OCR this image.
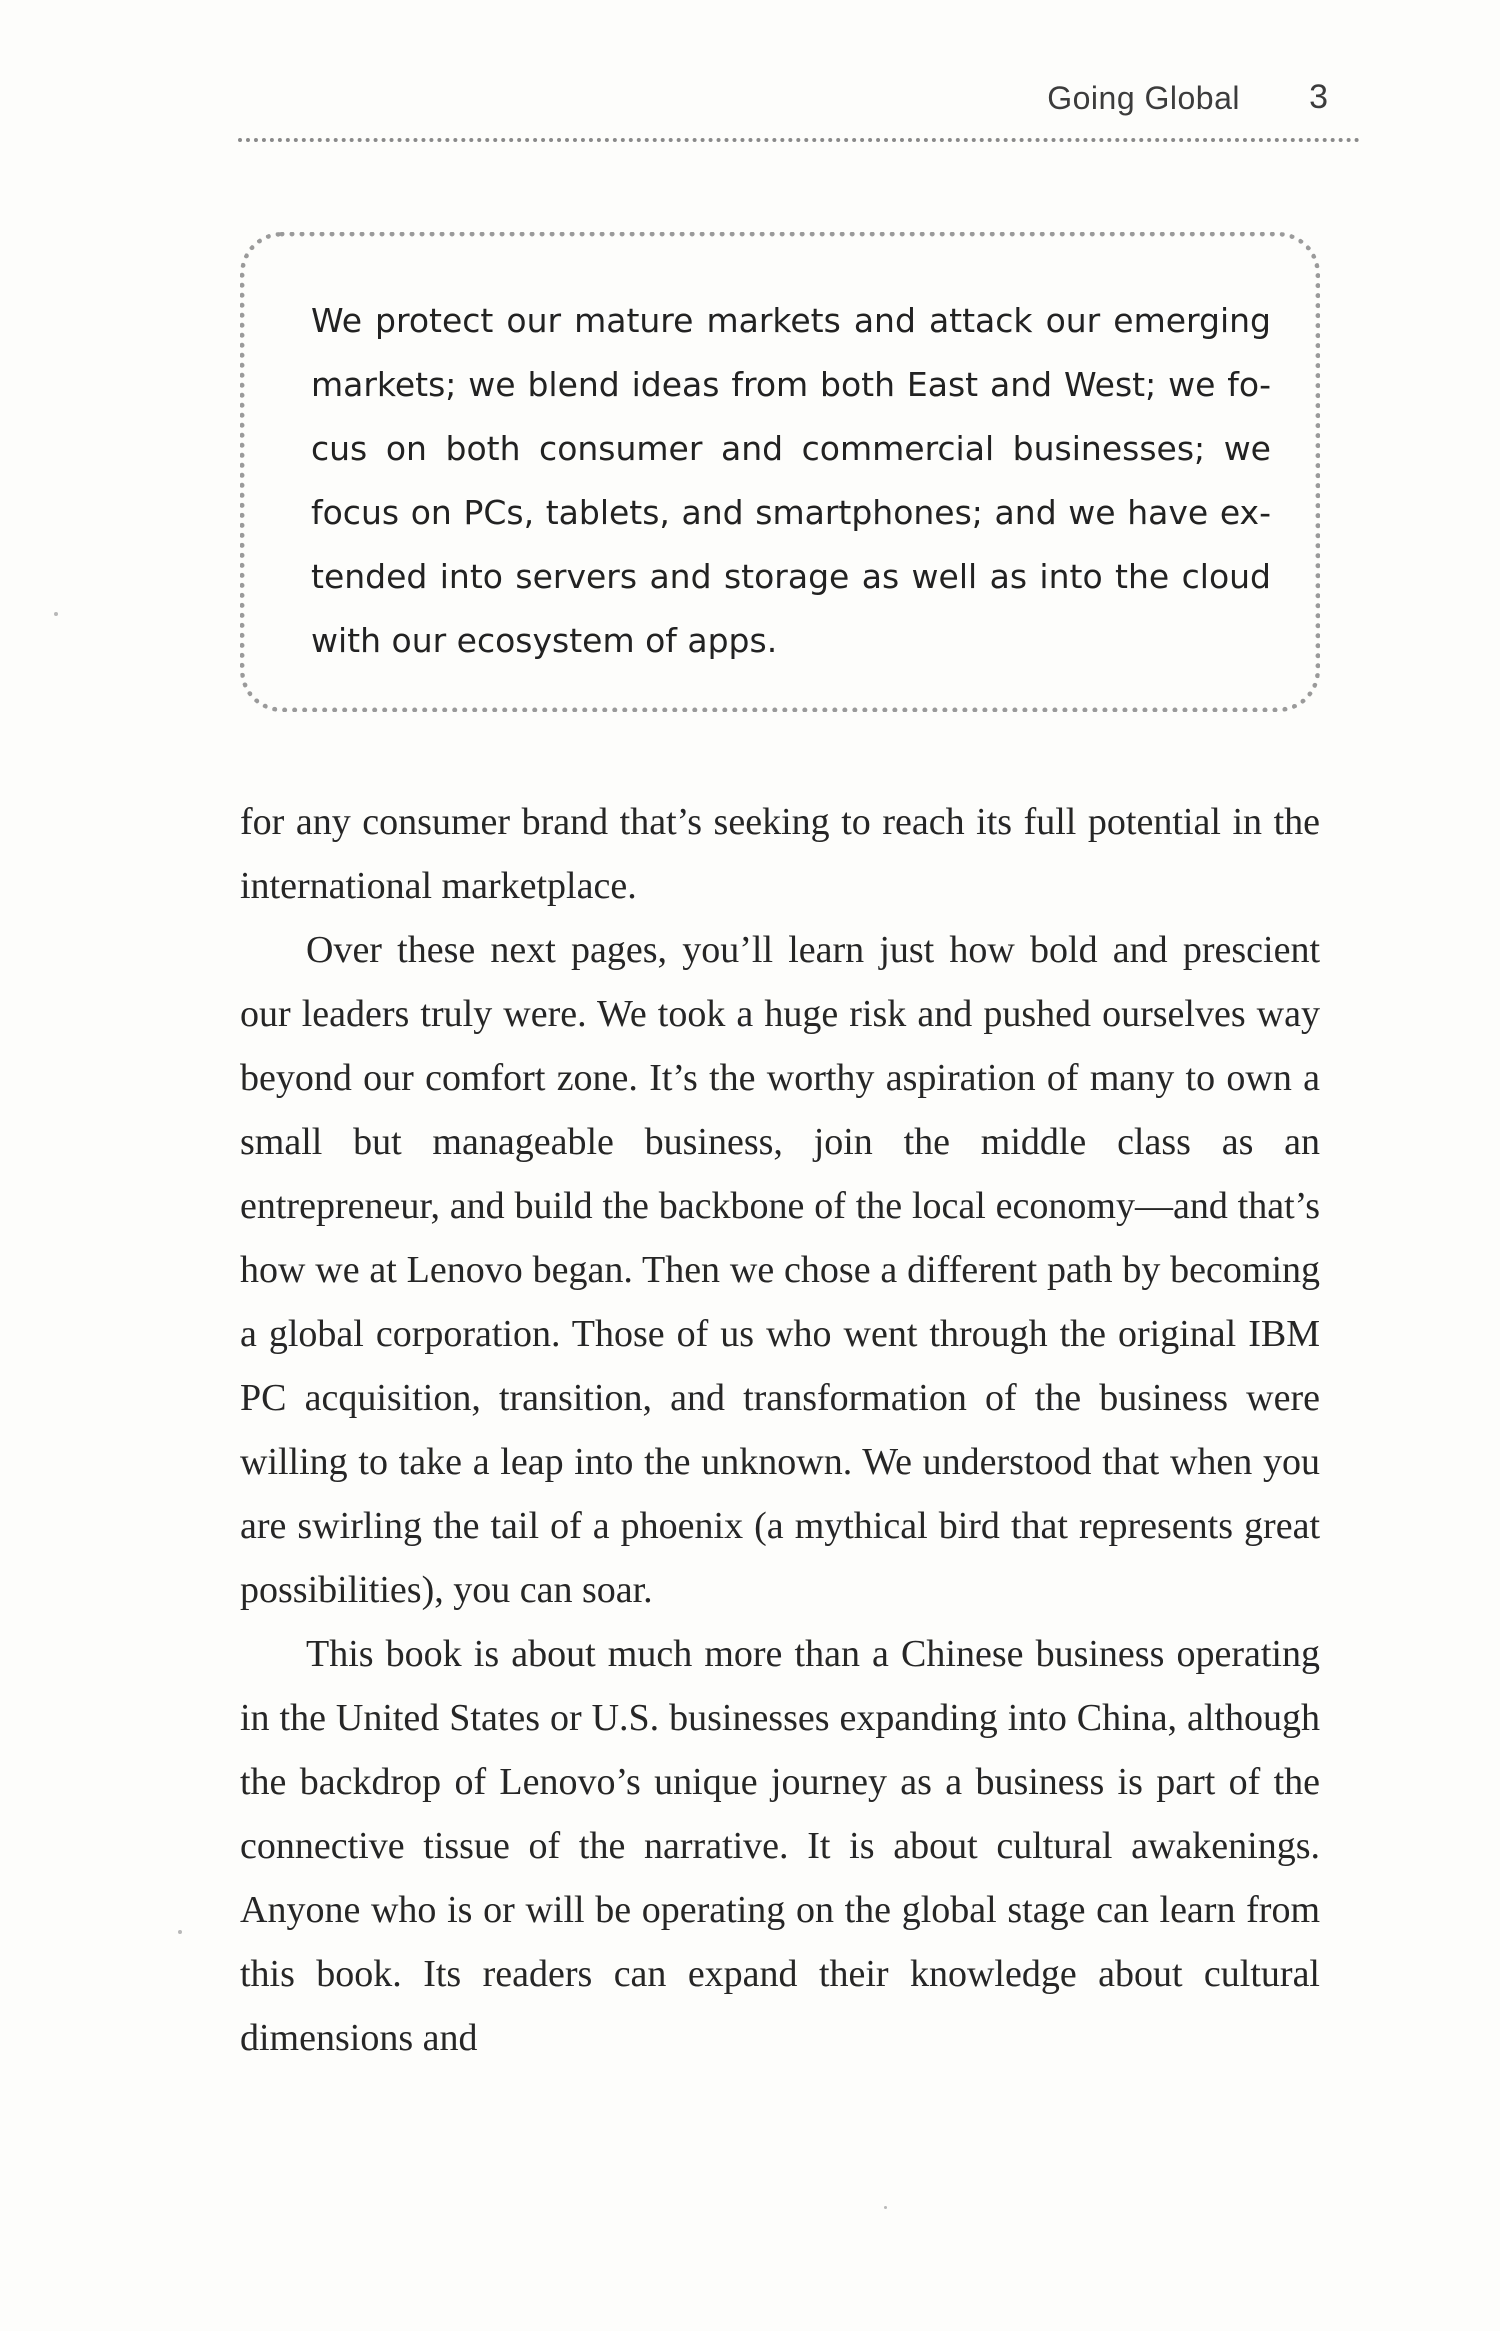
Going Global 3

We protect our mature markets and attack our emerging markets; we blend ideas from both East and West; we focus on both consumer and commercial businesses; we focus on PCs, tablets, and smartphones; and we have extended into servers and storage as well as into the cloud with our ecosystem of apps.

for any consumer brand that’s seeking to reach its full potential in the international marketplace.

Over these next pages, you’ll learn just how bold and prescient our leaders truly were. We took a huge risk and pushed ourselves way beyond our comfort zone. It’s the worthy aspiration of many to own a small but manageable business, join the middle class as an entrepreneur, and build the backbone of the local economy—and that’s how we at Lenovo began. Then we chose a different path by becoming a global corporation. Those of us who went through the original IBM PC acquisition, transition, and transformation of the business were willing to take a leap into the unknown. We understood that when you are swirling the tail of a phoenix (a mythical bird that represents great possibilities), you can soar.

This book is about much more than a Chinese business operating in the United States or U.S. businesses expanding into China, although the backdrop of Lenovo’s unique journey as a business is part of the connective tissue of the narrative. It is about cultural awakenings. Anyone who is or will be operating on the global stage can learn from this book. Its readers can expand their knowledge about cultural dimensions and
